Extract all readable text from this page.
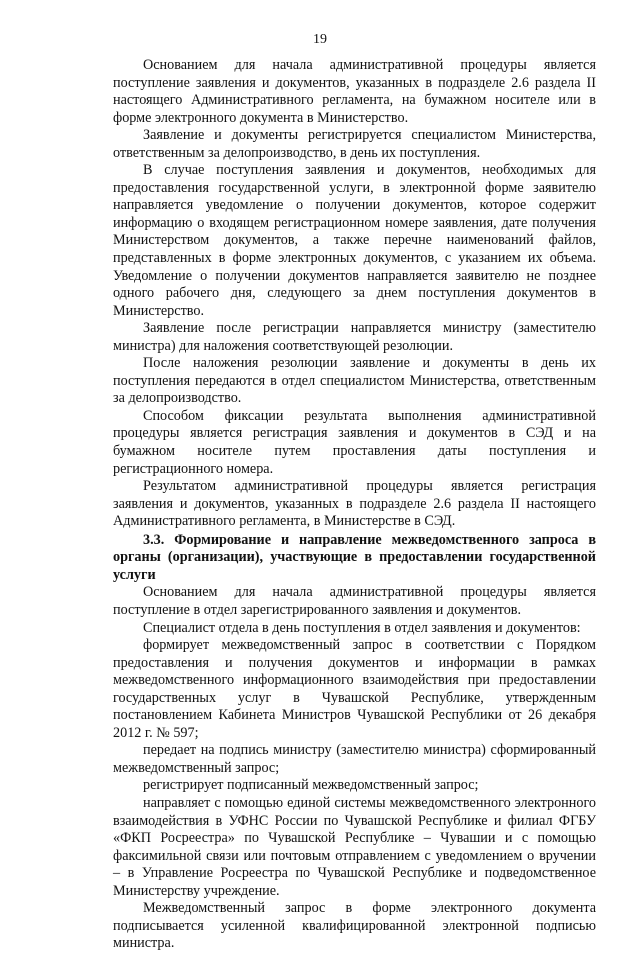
19

Основанием для начала административной процедуры является поступление заявления и документов, указанных в подразделе 2.6 раздела II настоящего Административного регламента, на бумажном носителе или в форме электронного документа в Министерство.

Заявление и документы регистрируется специалистом Министерства, ответственным за делопроизводство, в день их поступления.

В случае поступления заявления и документов, необходимых для предоставления государственной услуги, в электронной форме заявителю направляется уведомление о получении документов, которое содержит информацию о входящем регистрационном номере заявления, дате получения Министерством документов, а также перечне наименований файлов, представленных в форме электронных документов, с указанием их объема. Уведомление о получении документов направляется заявителю не позднее одного рабочего дня, следующего за днем поступления документов в Министерство.

Заявление после регистрации направляется министру (заместителю министра) для наложения соответствующей резолюции.

После наложения резолюции заявление и документы в день их поступления передаются в отдел специалистом Министерства, ответственным за делопроизводство.

Способом фиксации результата выполнения административной процедуры является регистрация заявления и документов в СЭД и на бумажном носителе путем проставления даты поступления и регистрационного номера.

Результатом административной процедуры является регистрация заявления и документов, указанных в подразделе 2.6 раздела II настоящего Административного регламента, в Министерстве в СЭД.

3.3. Формирование и направление межведомственного запроса в органы (организации), участвующие в предоставлении государственной услуги

Основанием для начала административной процедуры является поступление в отдел зарегистрированного заявления и документов.

Специалист отдела в день поступления в отдел заявления и документов:

формирует межведомственный запрос в соответствии с Порядком предоставления и получения документов и информации в рамках межведомственного информационного взаимодействия при предоставлении государственных услуг в Чувашской Республике, утвержденным постановлением Кабинета Министров Чувашской Республики от 26 декабря 2012 г. № 597;

передает на подпись министру (заместителю министра) сформированный межведомственный запрос;

регистрирует подписанный межведомственный запрос;

направляет с помощью единой системы межведомственного электронного взаимодействия в УФНС России по Чувашской Республике и филиал ФГБУ «ФКП Росреестра» по Чувашской Республике – Чувашии и с помощью факсимильной связи или почтовым отправлением с уведомлением о вручении – в Управление Росреестра по Чувашской Республике и подведомственное Министерству учреждение.

Межведомственный запрос в форме электронного документа подписывается усиленной квалифицированной электронной подписью министра.
